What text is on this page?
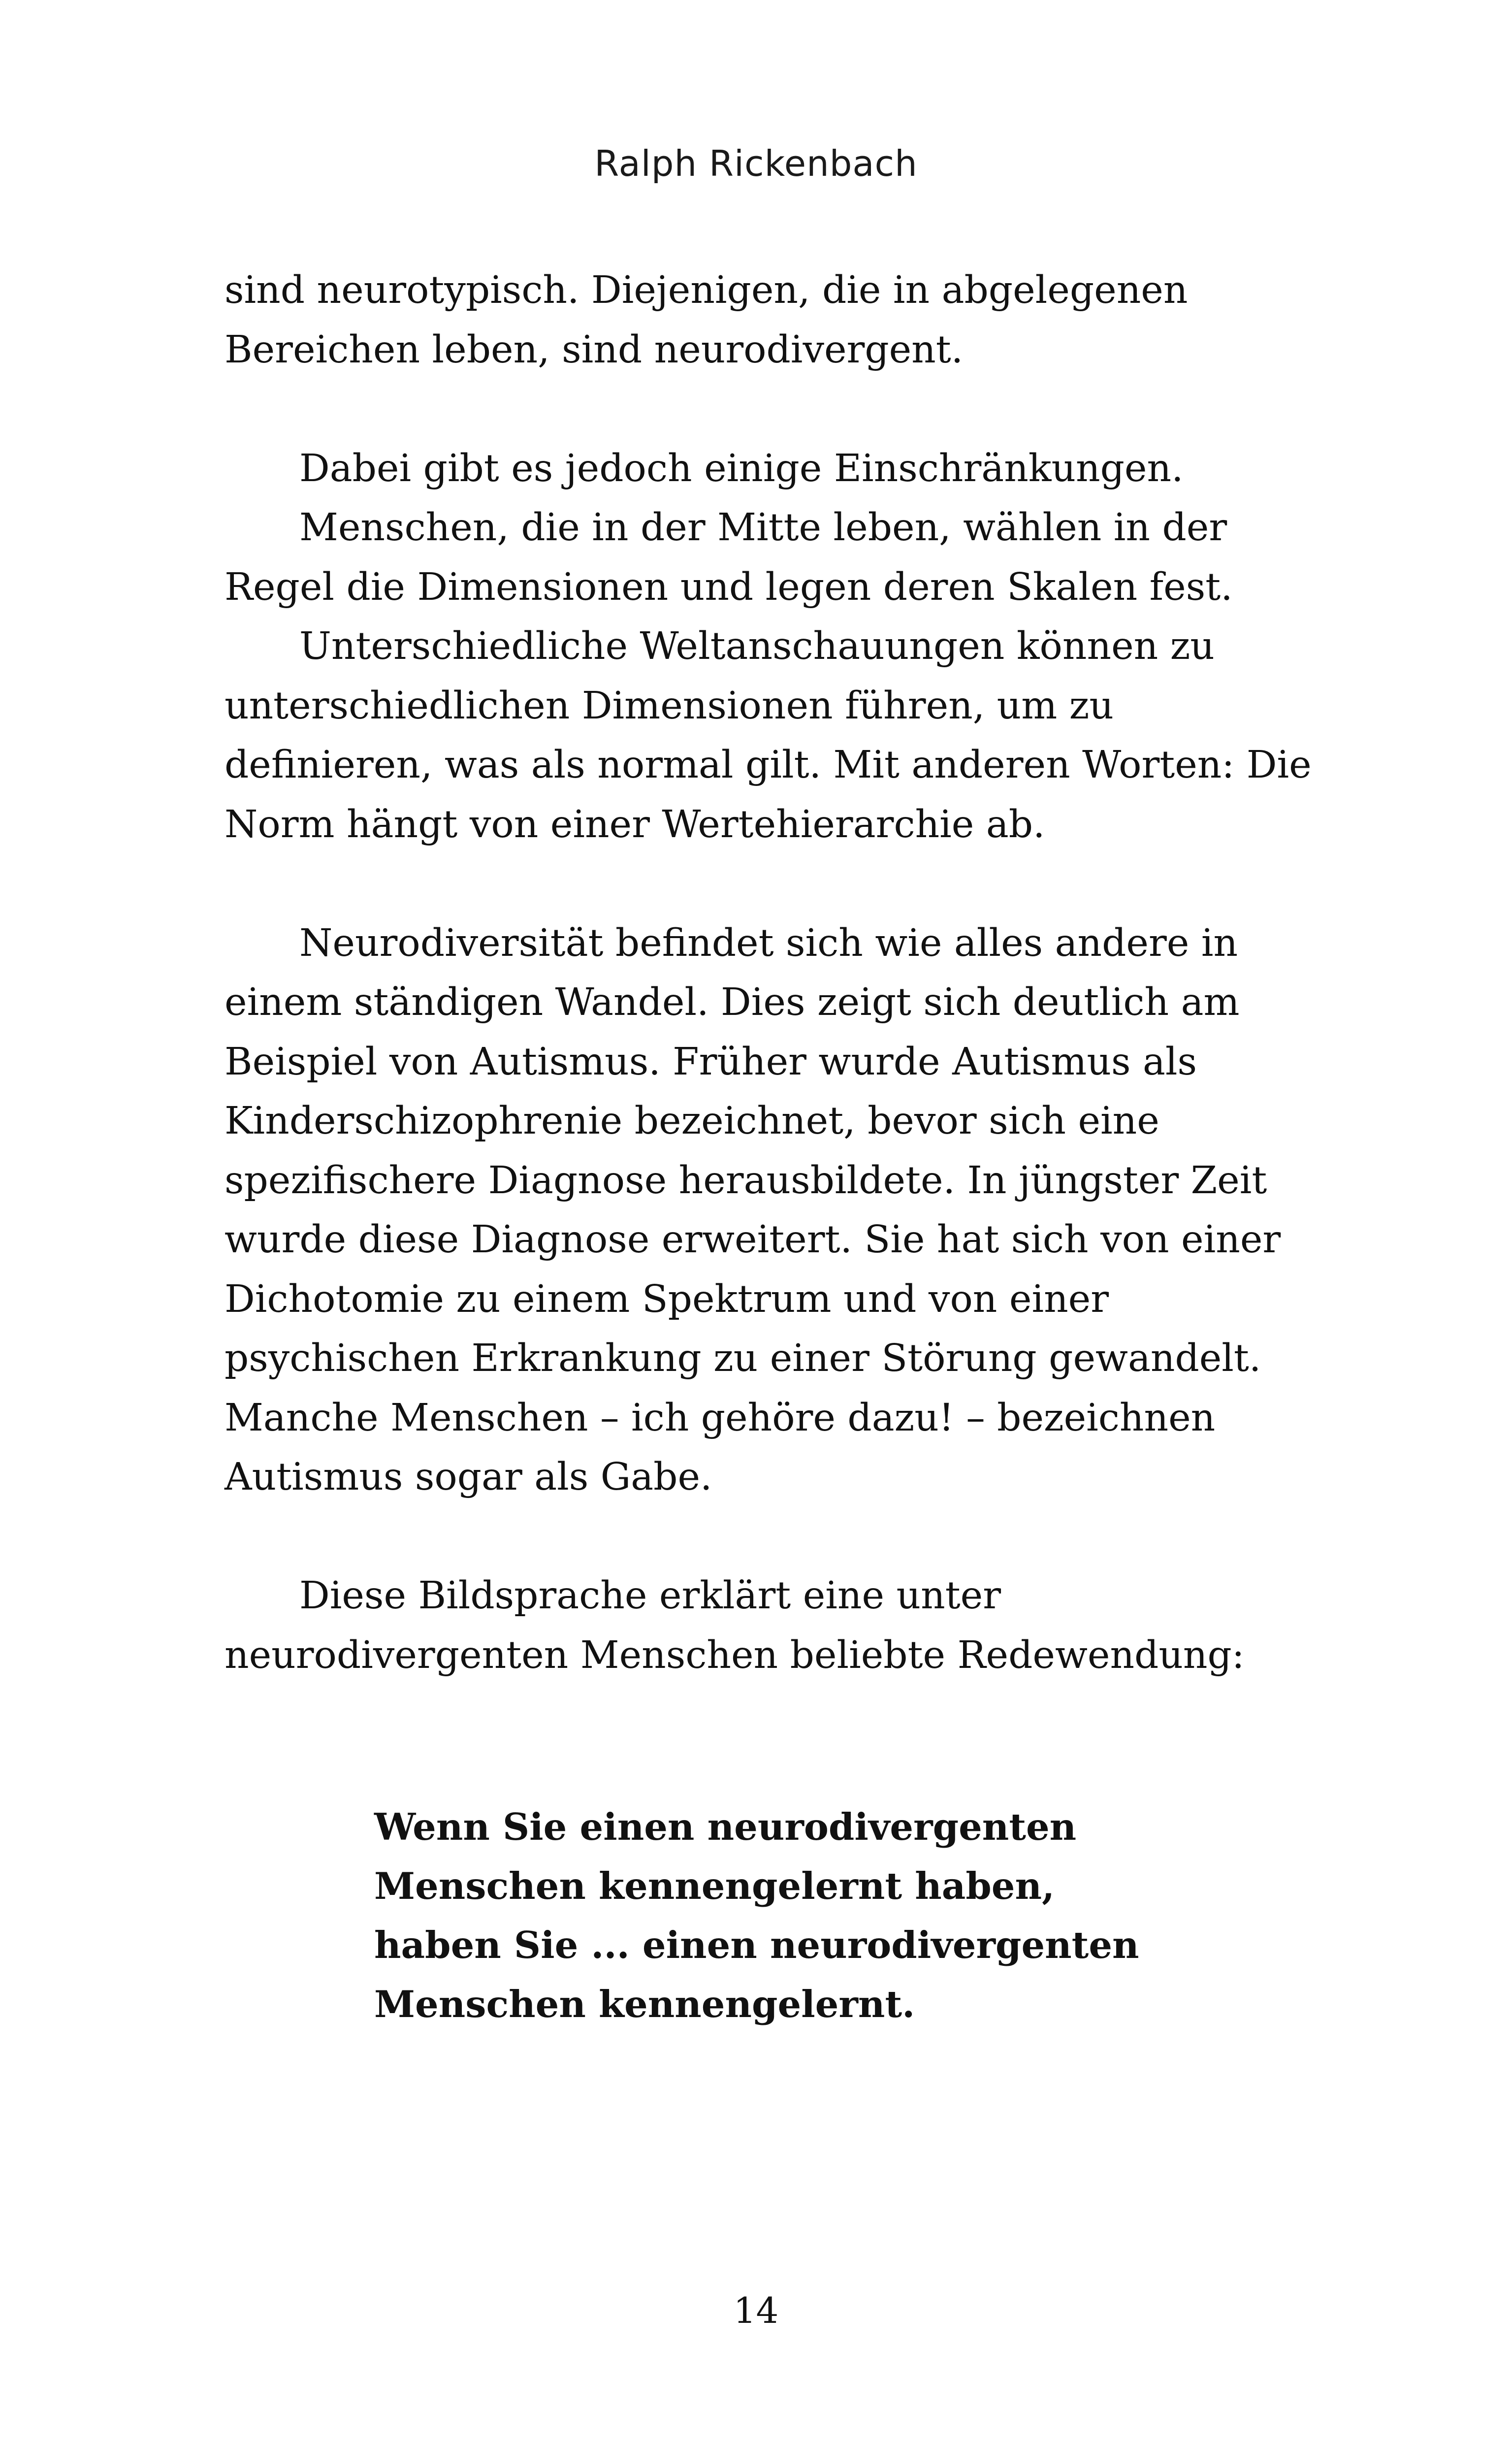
Ralph Rickenbach

sind neurotypisch. Diejenigen, die in abgelegenen

Bereichen leben, sind neurodivergent.

Dabei gibt es jedoch einige Einschränkungen.

Menschen, die in der Mitte leben, wählen in der

Regel die Dimensionen und legen deren Skalen fest.

Unterschiedliche Weltanschauungen können zu

unterschiedlichen Dimensionen führen, um zu

definieren, was als normal gilt. Mit anderen Worten: Die

Norm hängt von einer Wertehierarchie ab.

Neurodiversität befindet sich wie alles andere in

einem ständigen Wandel. Dies zeigt sich deutlich am

Beispiel von Autismus. Früher wurde Autismus als

Kinderschizophrenie bezeichnet, bevor sich eine

spezifischere Diagnose herausbildete. In jüngster Zeit

wurde diese Diagnose erweitert. Sie hat sich von einer

Dichotomie zu einem Spektrum und von einer

psychischen Erkrankung zu einer Störung gewandelt.

Manche Menschen – ich gehöre dazu! – bezeichnen

Autismus sogar als Gabe.

Diese Bildsprache erklärt eine unter

neurodivergenten Menschen beliebte Redewendung:

Wenn Sie einen neurodivergenten

Menschen kennengelernt haben,

haben Sie ... einen neurodivergenten

Menschen kennengelernt.

14
